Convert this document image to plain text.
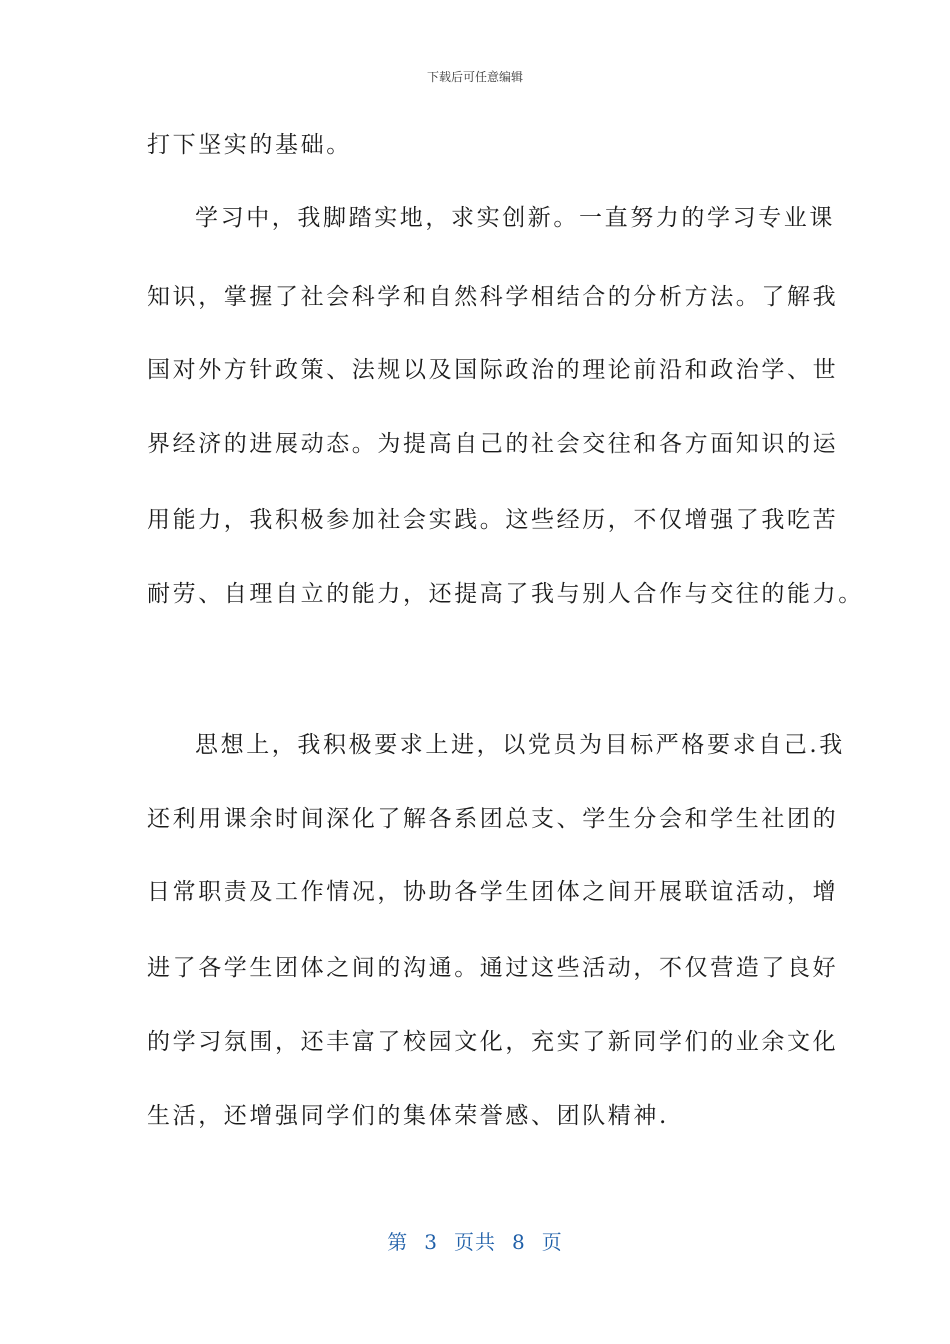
下载后可任意编辑
打下坚实的基础。
学习中，我脚踏实地，求实创新。一直努力的学习专业课
知识，掌握了社会科学和自然科学相结合的分析方法。了解我
国对外方针政策、法规以及国际政治的理论前沿和政治学、世
界经济的进展动态。为提高自己的社会交往和各方面知识的运
用能力，我积极参加社会实践。这些经历，不仅增强了我吃苦
耐劳、自理自立的能力，还提高了我与别人合作与交往的能力。
思想上，我积极要求上进，以党员为目标严格要求自己.我
还利用课余时间深化了解各系团总支、学生分会和学生社团的
日常职责及工作情况，协助各学生团体之间开展联谊活动，增
进了各学生团体之间的沟通。通过这些活动，不仅营造了良好
的学习氛围，还丰富了校园文化，充实了新同学们的业余文化
生活，还增强同学们的集体荣誉感、团队精神.
第 3 页共 8 页
